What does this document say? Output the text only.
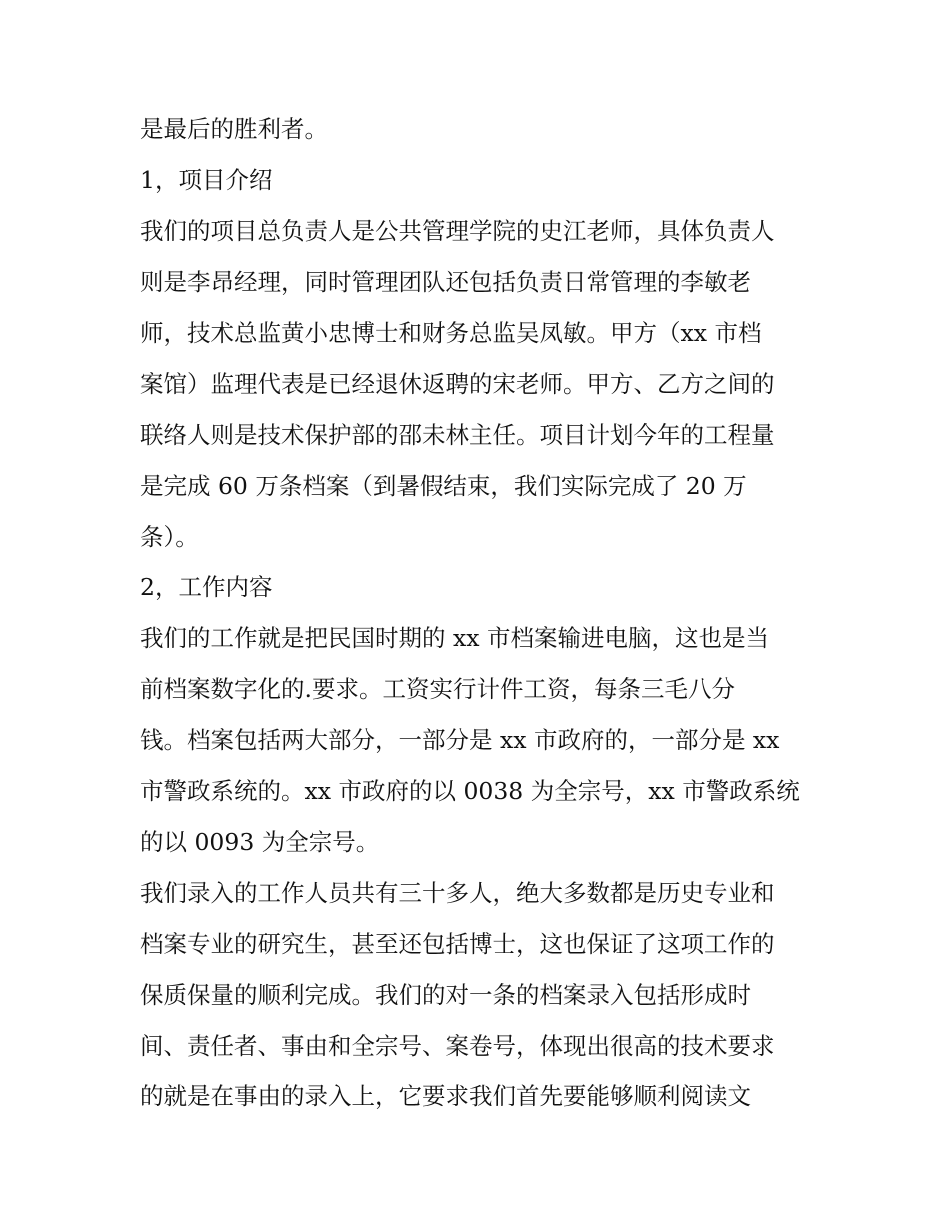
是最后的胜利者。

1，项目介绍

我们的项目总负责人是公共管理学院的史江老师，具体负责人

则是李昂经理，同时管理团队还包括负责日常管理的李敏老

师，技术总监黄小忠博士和财务总监吴凤敏。甲方（xx 市档

案馆）监理代表是已经退休返聘的宋老师。甲方、乙方之间的

联络人则是技术保护部的邵未林主任。项目计划今年的工程量

是完成 60 万条档案（到暑假结束，我们实际完成了 20 万

条）。

2，工作内容

我们的工作就是把民国时期的 xx 市档案输进电脑，这也是当

前档案数字化的.要求。工资实行计件工资，每条三毛八分

钱。档案包括两大部分，一部分是 xx 市政府的，一部分是 xx

市警政系统的。xx 市政府的以 0038 为全宗号，xx 市警政系统

的以 0093 为全宗号。

我们录入的工作人员共有三十多人，绝大多数都是历史专业和

档案专业的研究生，甚至还包括博士，这也保证了这项工作的

保质保量的顺利完成。我们的对一条的档案录入包括形成时

间、责任者、事由和全宗号、案卷号，体现出很高的技术要求

的就是在事由的录入上，它要求我们首先要能够顺利阅读文
